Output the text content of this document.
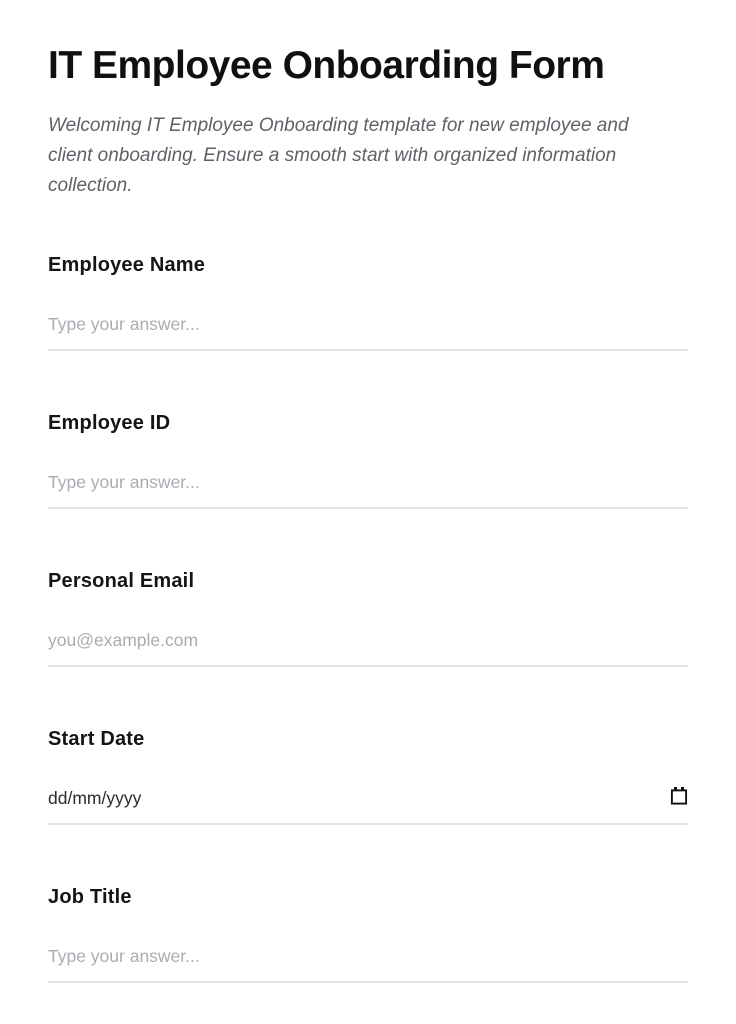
IT Employee Onboarding Form

Welcoming IT Employee Onboarding template for new employee and client onboarding. Ensure a smooth start with organized information collection.

Employee Name
Type your answer...
Employee ID
Type your answer...
Personal Email
you@example.com
Start Date
dd/mm/yyyy
Job Title
Type your answer...
